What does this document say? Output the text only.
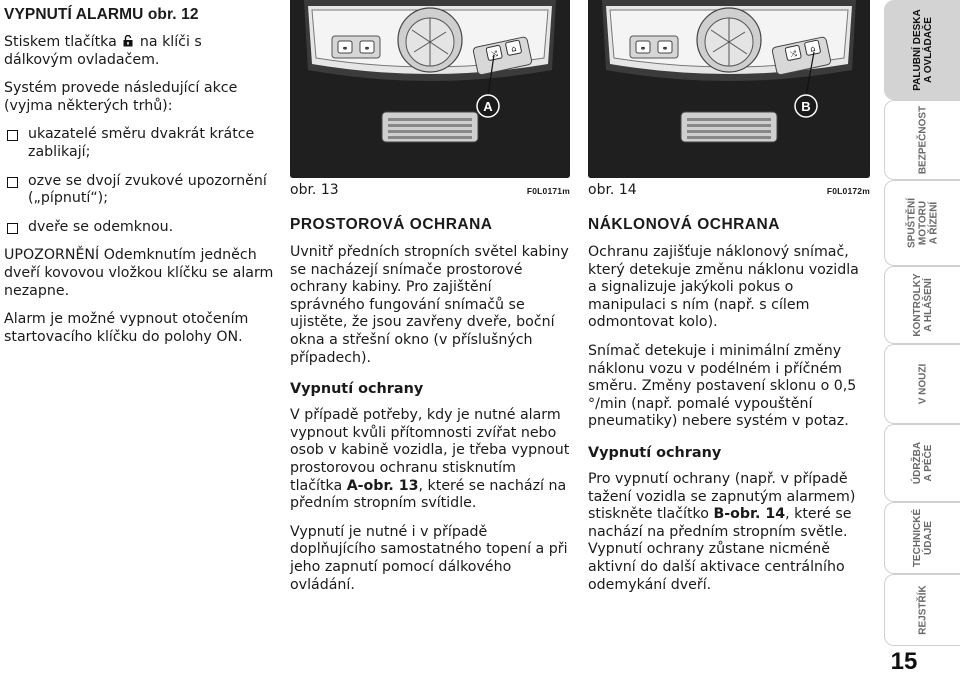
VYPNUTÍ ALARMU obr. 12

Stiskem tlačítka na klíči s dálkovým ovladačem.

Systém provede následující akce (vyjma některých trhů):

ukazatelé směru dvakrát krátce zablikají;
ozve se dvojí zvukové upozornění („pípnutí“);
dveře se odemknou.

UPOZORNĚNÍ Odemknutím jedněch dveří kovovou vložkou klíčku se alarm nezapne.

Alarm je možné vypnout otočením startovacího klíčku do polohy ON.

⚭ ⚭
⤨
⌂
A
⚭ ⚭
⤨
⌂
B
obr. 13	F0L0171m obr. 14	F0L0172m
PROSTOROVÁ OCHRANA

Uvnitř předních stropních světel kabiny se nacházejí snímače prostorové ochrany kabiny. Pro zajištění správného fungování snímačů se ujistěte, že jsou zavřeny dveře, boční okna a střešní okno (v příslušných případech).

Vypnutí ochrany

V případě potřeby, kdy je nutné alarm vypnout kvůli přítomnosti zvířat nebo osob v kabině vozidla, je třeba vypnout prostorovou ochranu stisknutím tlačítka A-obr. 13, které se nachází na předním stropním svítidle.

Vypnutí je nutné i v případě doplňujícího samostatného topení a při jeho zapnutí pomocí dálkového ovládání.

NÁKLONOVÁ OCHRANA

Ochranu zajišťuje náklonový snímač, který detekuje změnu náklonu vozidla a signalizuje jakýkoli pokus o manipulaci s ním (např. s cílem odmontovat kolo).

Snímač detekuje i minimální změny náklonu vozu v podélném i příčném směru. Změny postavení sklonu o 0,5 °/min (např. pomalé vypouštění pneumatiky) nebere systém v potaz.

Vypnutí ochrany

Pro vypnutí ochrany (např. v případě tažení vozidla se zapnutým alarmem) stiskněte tlačítko B-obr. 14, které se nachází na předním stropním světle. Vypnutí ochrany zůstane nicméně aktivní do další aktivace centrálního odemykání dveří.

PALUBNÍ DESKA
A OVLÁDAČE
BEZPEČNOST
SPUŠTĚNÍ
MOTORU
A ŘÍZENÍ
KONTROLKY
A HLÁŠENÍ
V NOUZI
ÚDRŽBA
A PÉČE
TECHNICKÉ
ÚDAJE
REJSTŘÍK
15
